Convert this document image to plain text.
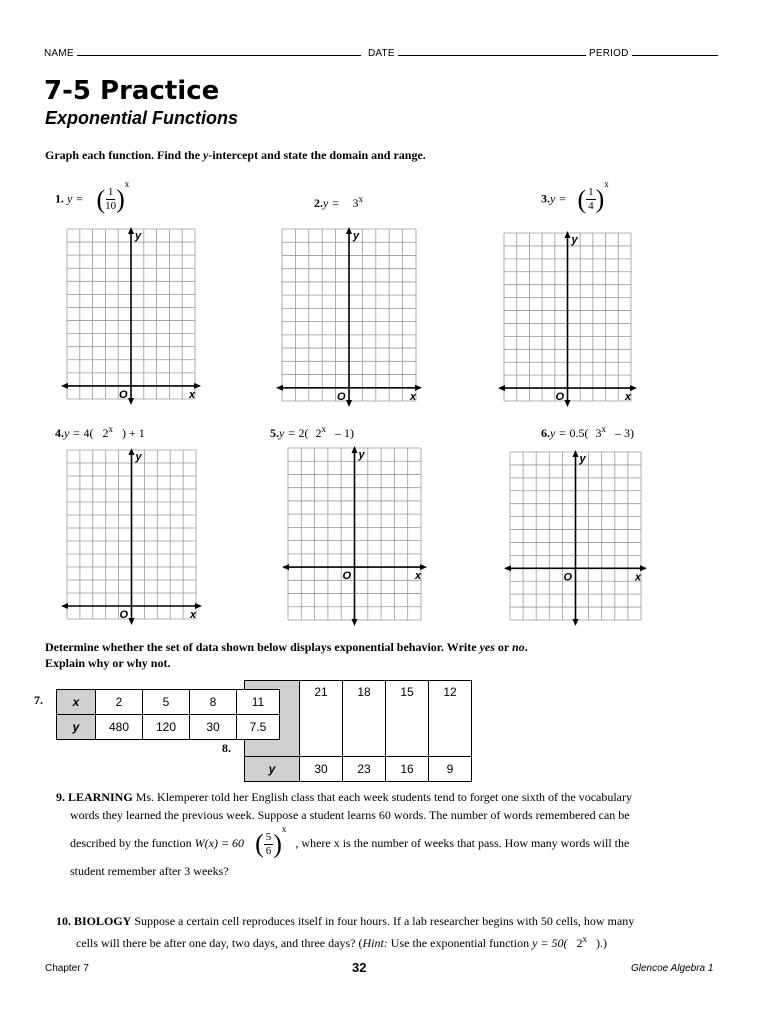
NAME	DATE	PERIOD
7-5 Practice
Exponential Functions
Graph each function. Find the y-intercept and state the domain and range.
1. y = ( $\frac{1}{10} )^x$
$2.y = 3^x$	3.y = ( $\frac{1}{4} )^x$
4.y = 4( 2$^x$ ) + 1	5.y = 2( 2$^x$ – 1)	6.y = 0.5( 3$^x$ – 3)
y
x
O
y
x
O
y
x
O
y
x
O
y
x
O
y
x
O
Determine whether the set of data shown below displays exponential behavior. Write yes or no.
Explain why or why not.
8.
	21	18	15	12
y	30	23	16	9
7. x	2	5	8	11
y	480	120	30	7.5
9. LEARNING Ms. Klemperer told her English class that each week students tend to forget one sixth of the vocabulary
words they learned the previous week. Suppose a student learns 60 words. The number of words remembered can be
described by the function W(x) = 60 ( $\frac{5}{6} )^x$ , where x is the number of weeks that pass. How many words will the
student remember after 3 weeks?
10. BIOLOGY Suppose a certain cell reproduces itself in four hours. If a lab researcher begins with 50 cells, how many
cells will there be after one day, two days, and three days? (Hint: Use the exponential function y = 50( 2$^x$ ).)
Chapter 7	32	Glencoe Algebra 1
